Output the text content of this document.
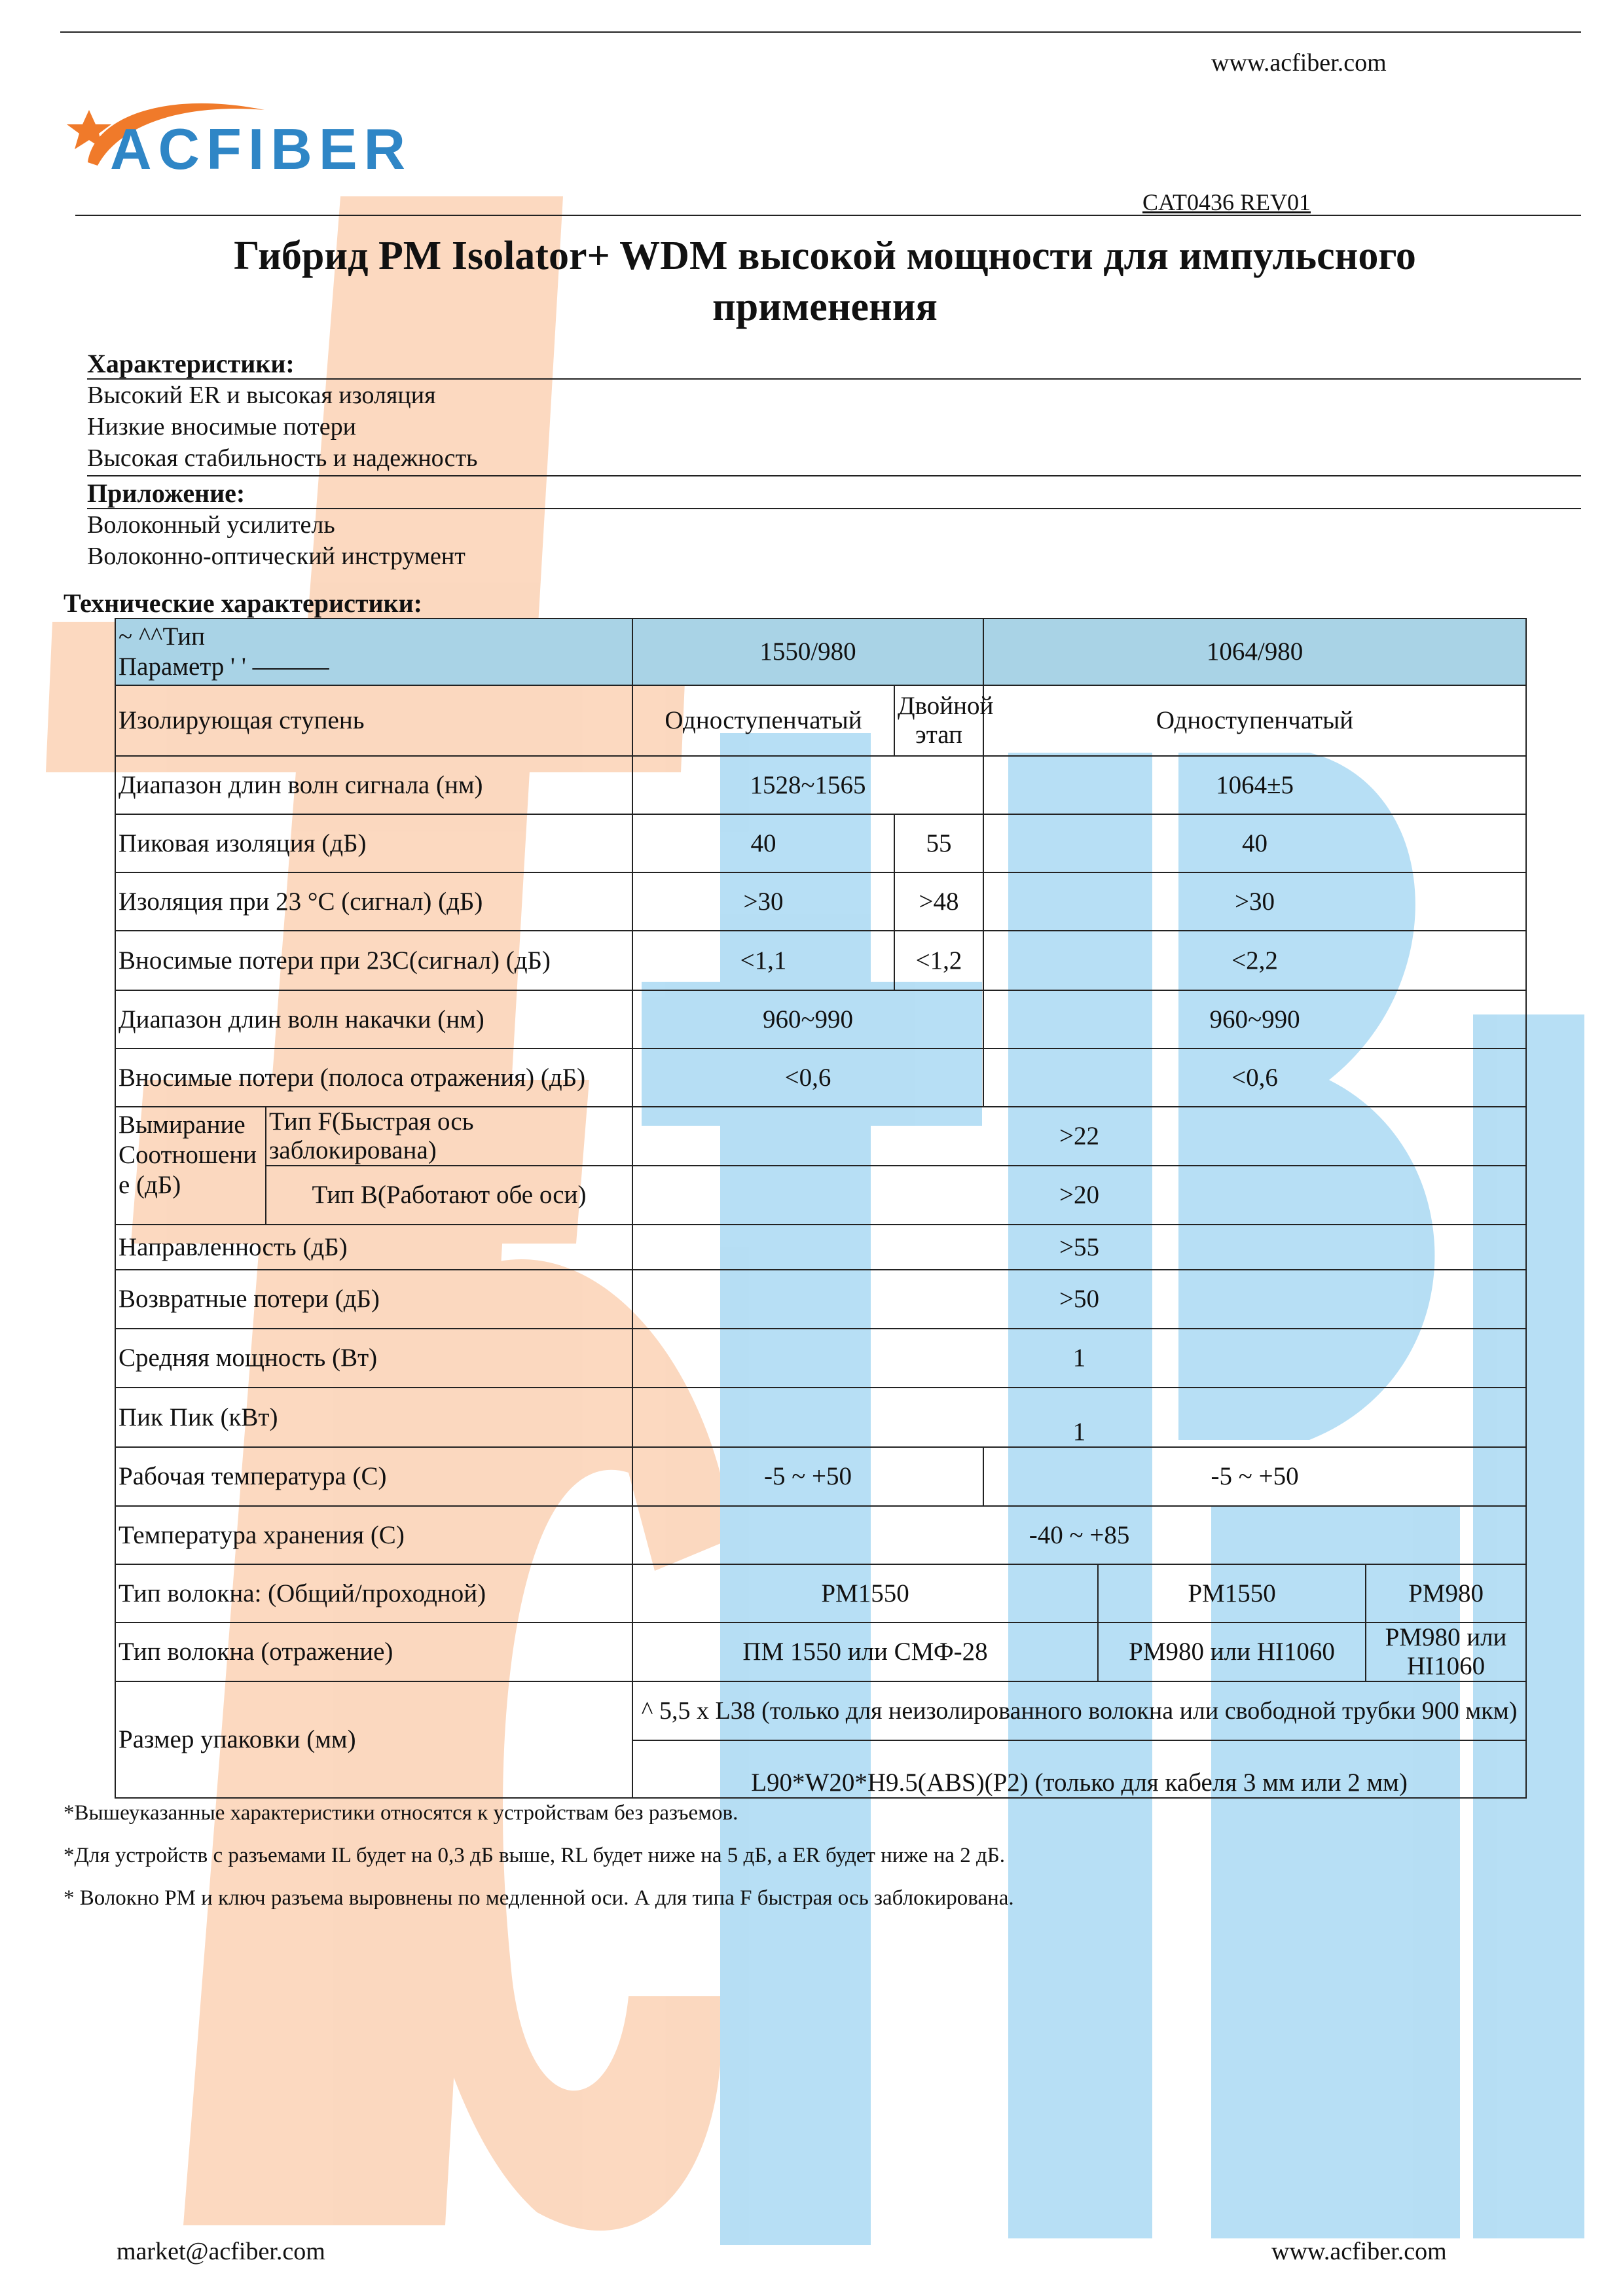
www.acfiber.com
ACFIBER
CAT0436 REV01
Гибрид PM Isolator+ WDM высокой мощности для импульсного
применения
Характеристики:
Высокий ER и высокая изоляция
Низкие вносимые потери
Высокая стабильность и надежность
Приложение:
Волоконный усилитель
Волоконно-оптический инструмент
Технические характеристики:
~ ^^Тип
Параметр ' ' ———		1550/980		1064/980		
Изолирующая ступень		Одноступенчатый	Двойной этап	Одноступенчатый		
Диапазон длин волн сигнала (нм)		1528~1565		1064±5		
Пиковая изоляция (дБ)		40	55	40		
Изоляция при 23 °C (сигнал) (дБ)		>30	>48	>30		
Вносимые потери при 23С(сигнал) (дБ)		<1,1	<1,2	<2,2		
Диапазон длин волн накачки (нм)		960~990		960~990		
Вносимые потери (полоса отражения) (дБ)		<0,6		<0,6		
Вымирание Соотношени е (дБ)	Тип F(Быстрая ось заблокирована)	>22				
	Тип В(Работают обе оси)	>20				
Направленность (дБ)		>55				
Возвратные потери (дБ)		>50				
Средняя мощность (Вт)		1				
Пик Пик (кВт)		1				
Рабочая температура (С)		-5 ~ +50		-5 ~ +50		
Температура хранения (С)		-40 ~ +85				
Тип волокна: (Общий/проходной)		PM1550			PM1550	PM980
Тип волокна (отражение)		ПМ 1550 или СМФ-28			PM980 или HI1060	PM980 или HI1060
Размер упаковки (мм)		^ 5,5 x L38 (только для неизолированного волокна или свободной трубки 900 мкм)				
		L90*W20*H9.5(ABS)(P2) (только для кабеля 3 мм или 2 мм)				
*Вышеуказанные характеристики относятся к устройствам без разъемов.
*Для устройств с разъемами IL будет на 0,3 дБ выше, RL будет ниже на 5 дБ, а ER будет ниже на 2 дБ.
* Волокно PM и ключ разъема выровнены по медленной оси. А для типа F быстрая ось заблокирована.
market@acfiber.com	www.acfiber.com
